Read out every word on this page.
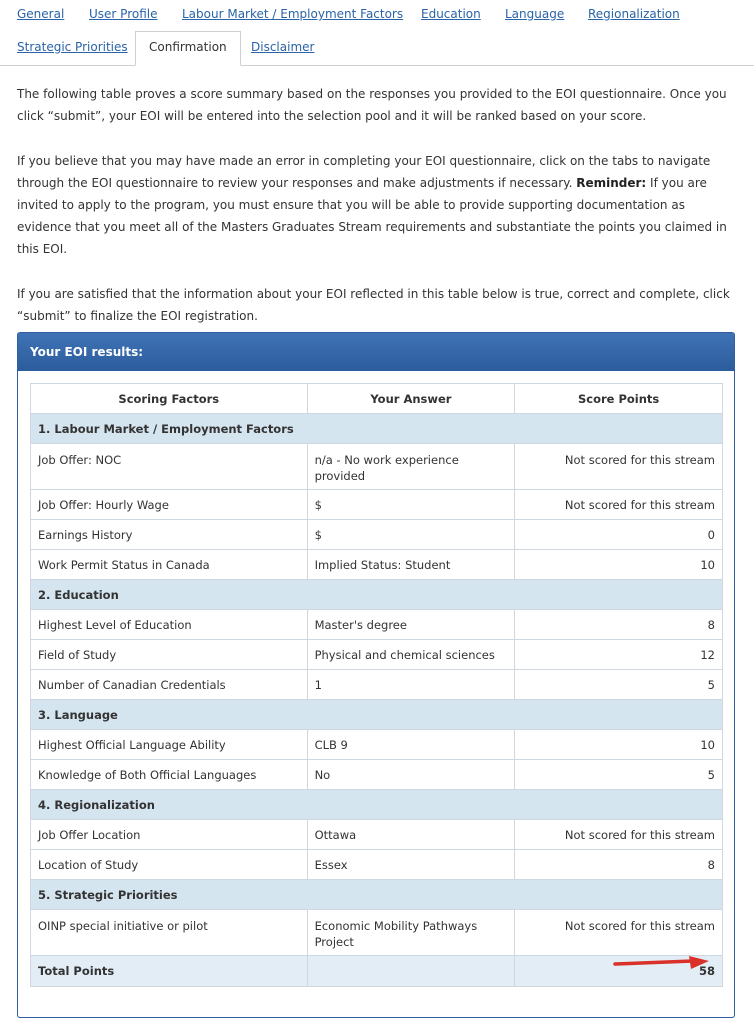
General User Profile Labour Market / Employment Factors Education Language Regionalization
Strategic Priorities	Confirmation	Disclaimer

The following table proves a score summary based on the responses you provided to the EOI questionnaire. Once you click “submit”, your EOI will be entered into the selection pool and it will be ranked based on your score.

If you believe that you may have made an error in completing your EOI questionnaire, click on the tabs to navigate through the EOI questionnaire to review your responses and make adjustments if necessary. Reminder: If you are invited to apply to the program, you must ensure that you will be able to provide supporting documentation as evidence that you meet all of the Masters Graduates Stream requirements and substantiate the points you claimed in this EOI.

If you are satisfied that the information about your EOI reflected in this table below is true, correct and complete, click “submit” to finalize the EOI registration.

Your EOI results:
Scoring Factors	Your Answer	Score Points
1. Labour Market / Employment Factors		
Job Offer: NOC	n/a - No work experience provided	Not scored for this stream
Job Offer: Hourly Wage	$	Not scored for this stream
Earnings History	$	0
Work Permit Status in Canada	Implied Status: Student	10
2. Education		
Highest Level of Education	Master's degree	8
Field of Study	Physical and chemical sciences	12
Number of Canadian Credentials	1	5
3. Language		
Highest Official Language Ability	CLB 9	10
Knowledge of Both Official Languages	No	5
4. Regionalization		
Job Offer Location	Ottawa	Not scored for this stream
Location of Study	Essex	8
5. Strategic Priorities		
OINP special initiative or pilot	Economic Mobility Pathways Project	Not scored for this stream
Total Points		58
